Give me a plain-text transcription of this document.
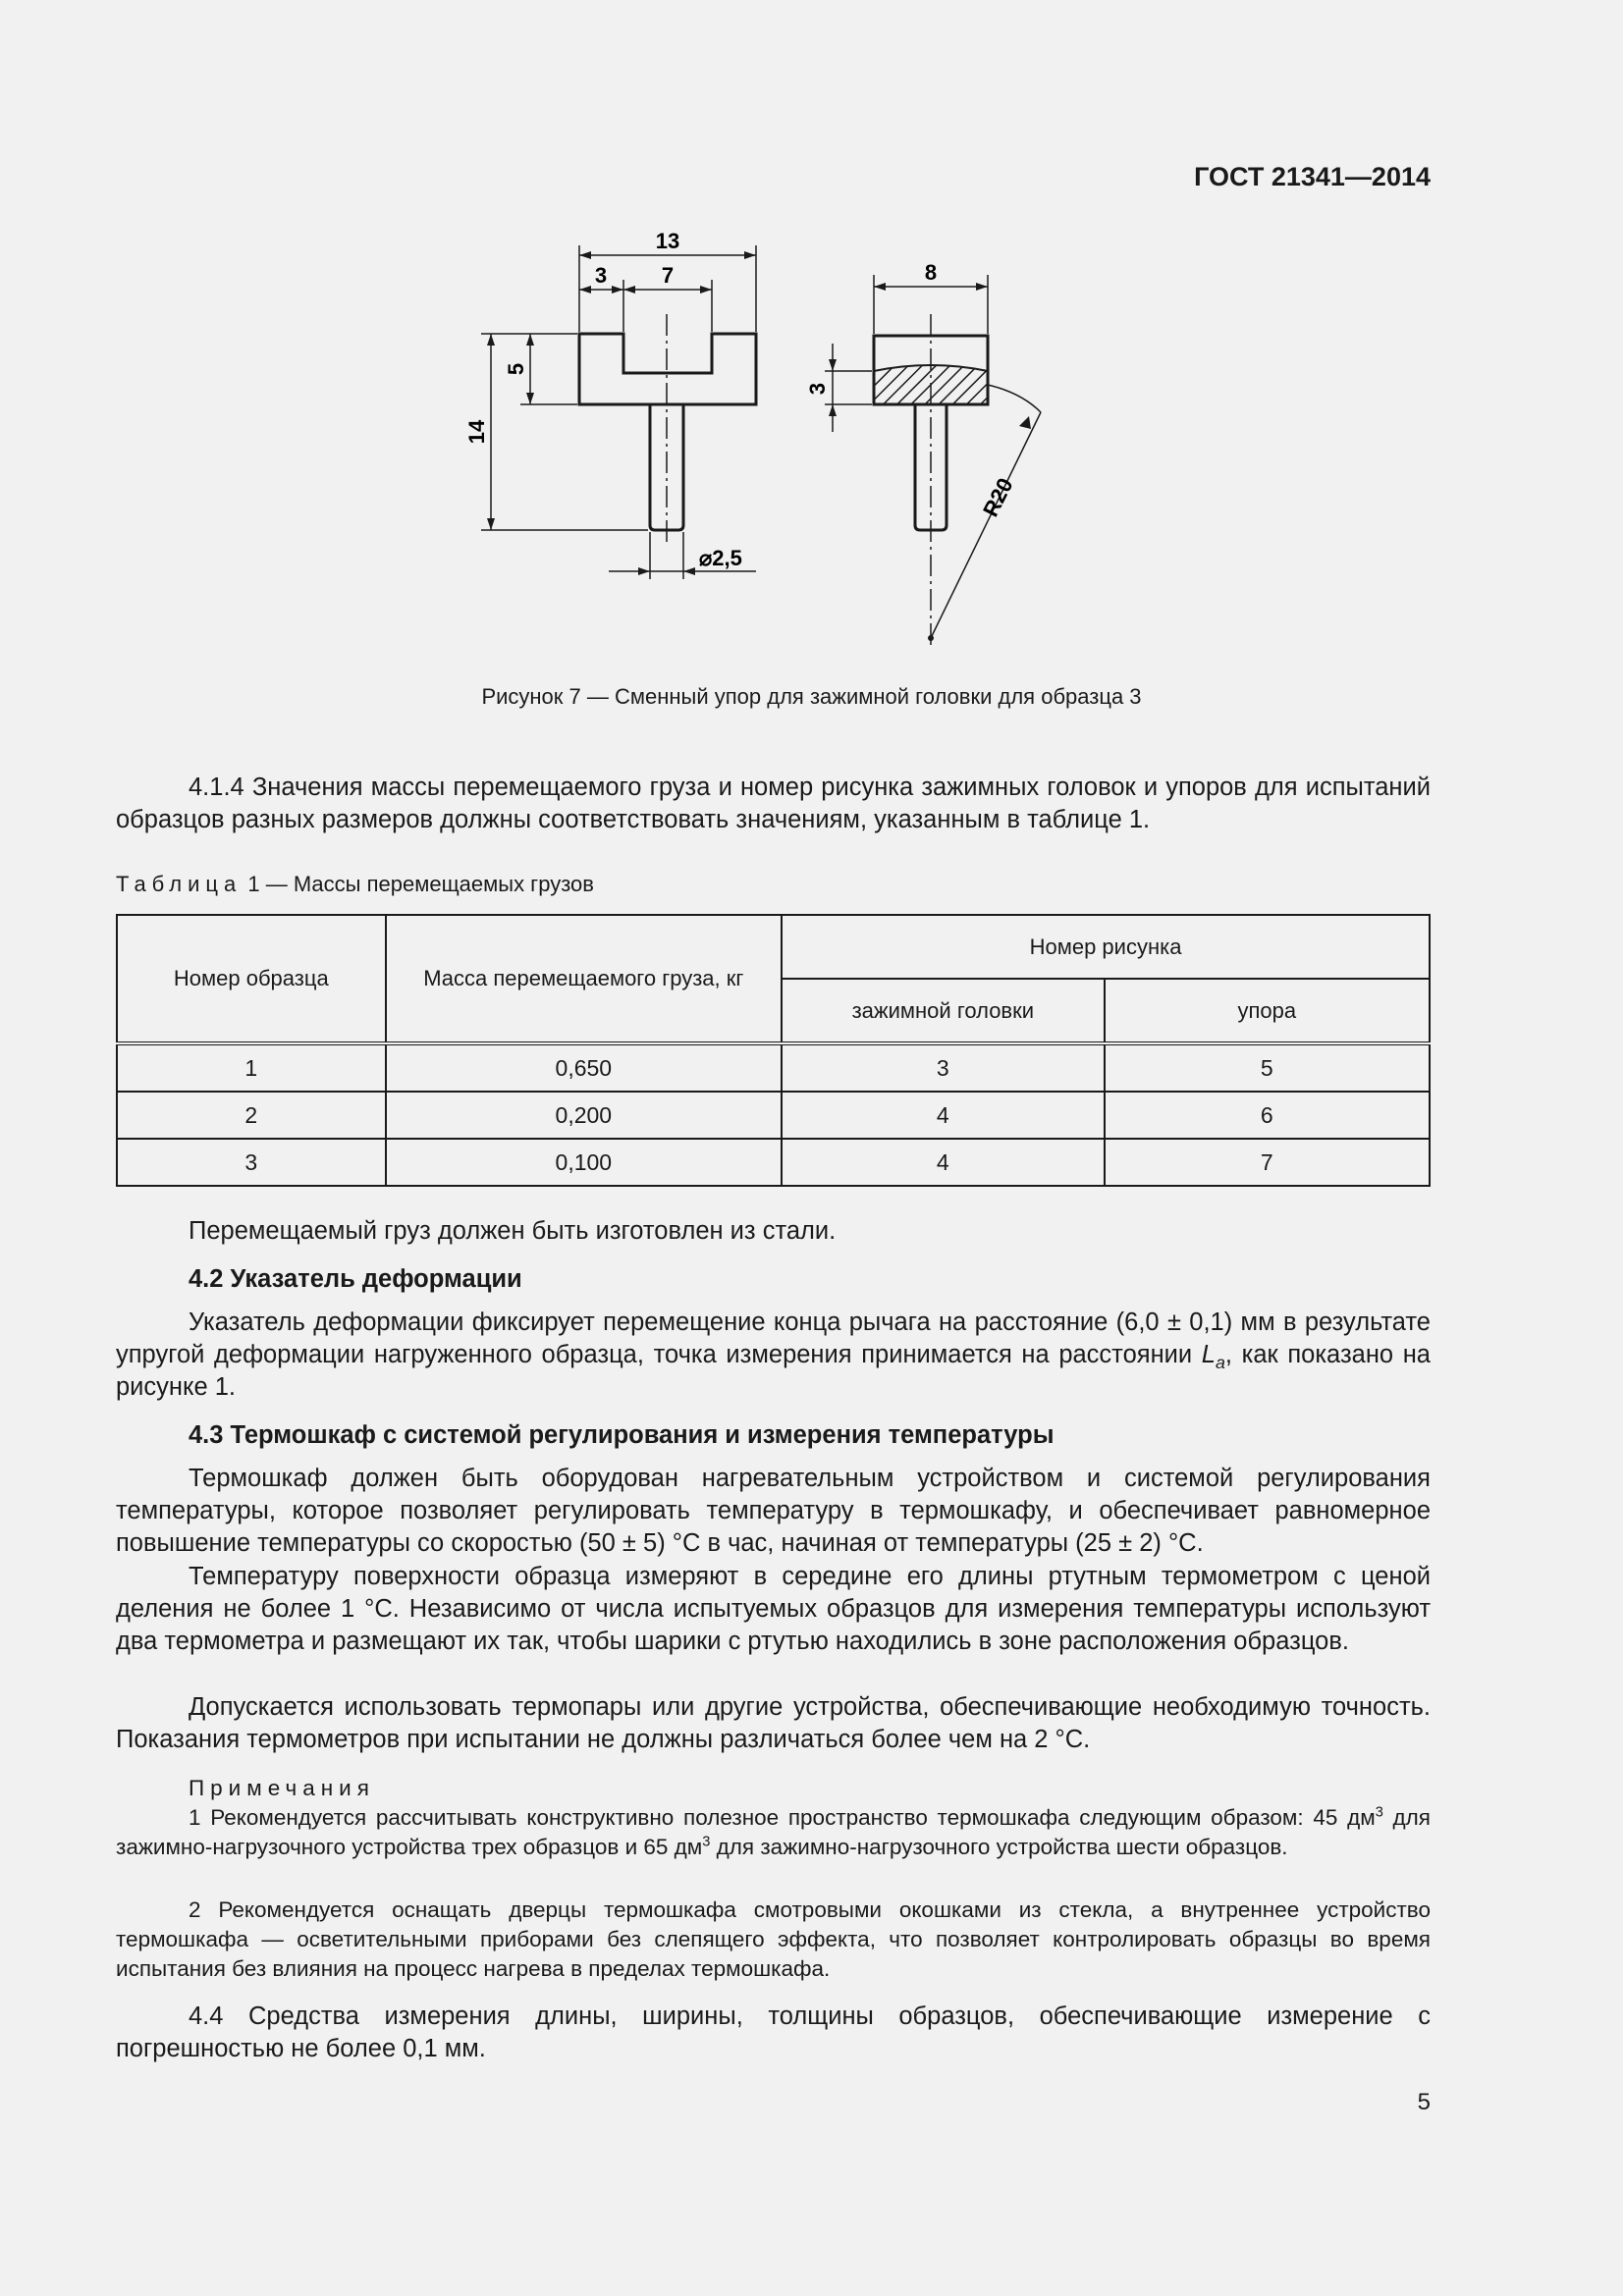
ГОСТ 21341—2014
13
3	7
5
14
⌀2,5
8
3
R20
Рисунок 7 — Сменный упор для зажимной головки для образца 3
4.1.4 Значения массы перемещаемого груза и номер рисунка зажимных головок и упоров для испытаний образцов разных размеров должны соответствовать значениям, указанным в таблице 1.
Таблица 1 — Массы перемещаемых грузов
Номер образца	Масса перемещаемого груза, кг	Номер рисунка	
		зажимной головки	упора
1	0,650	3	5
2	0,200	4	6
3	0,100	4	7
Перемещаемый груз должен быть изготовлен из стали.
4.2 Указатель деформации
Указатель деформации фиксирует перемещение конца рычага на расстояние (6,0 ± 0,1) мм в результате упругой деформации нагруженного образца, точка измерения принимается на расстоянии $L_a$, как показано на рисунке 1.
4.3 Термошкаф с системой регулирования и измерения температуры
Термошкаф должен быть оборудован нагревательным устройством и системой регулирования температуры, которое позволяет регулировать температуру в термошкафу, и обеспечивает равномерное повышение температуры со скоростью (50 ± 5) °C в час, начиная от температуры (25 ± 2) °C.
Температуру поверхности образца измеряют в середине его длины ртутным термометром с ценой деления не более 1 °C. Независимо от числа испытуемых образцов для измерения температуры используют два термометра и размещают их так, чтобы шарики с ртутью находились в зоне расположения образцов.
Допускается использовать термопары или другие устройства, обеспечивающие необходимую точность. Показания термометров при испытании не должны различаться более чем на 2 °C.
Примечания
1 Рекомендуется рассчитывать конструктивно полезное пространство термошкафа следующим образом: 45 $дм^3$ для зажимно-нагрузочного устройства трех образцов и 65 $дм^3$ для зажимно-нагрузочного устройства шести образцов.
2 Рекомендуется оснащать дверцы термошкафа смотровыми окошками из стекла, а внутреннее устройство термошкафа — осветительными приборами без слепящего эффекта, что позволяет контролировать образцы во время испытания без влияния на процесс нагрева в пределах термошкафа.
4.4 Средства измерения длины, ширины, толщины образцов, обеспечивающие измерение с погрешностью не более 0,1 мм.
5
